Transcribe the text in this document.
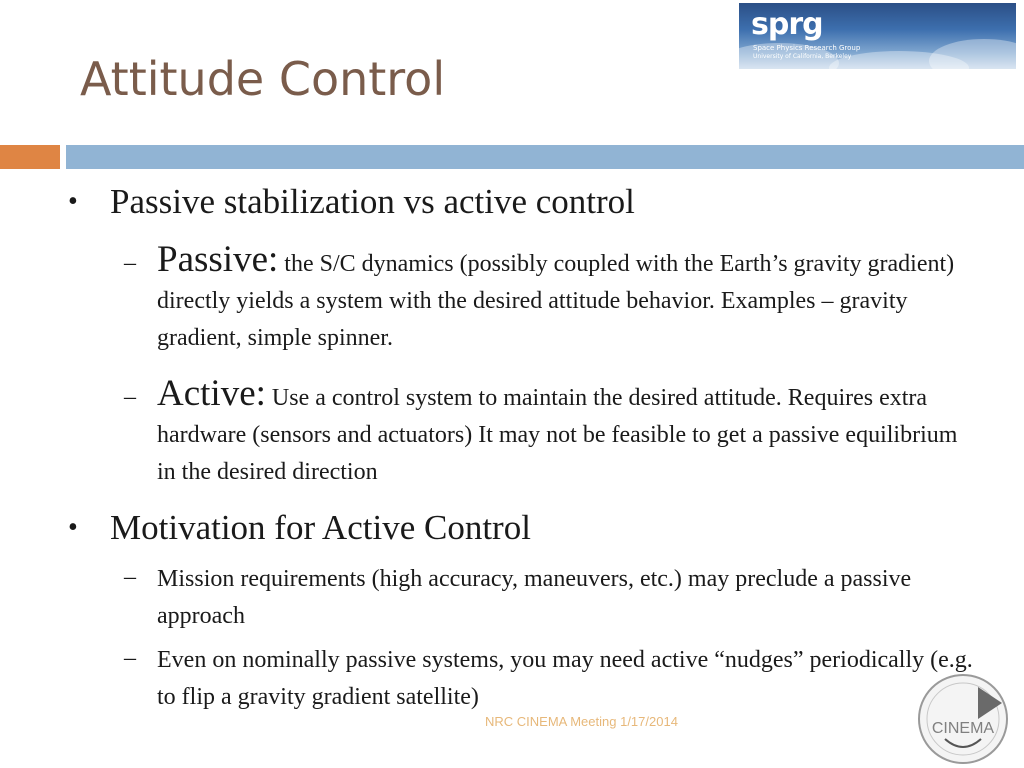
Attitude Control
sprg
Space Physics Research Group
University of California, Berkeley
• Passive stabilization vs active control
– Passive: the S/C dynamics (possibly coupled with the Earth’s gravity gradient) directly yields a system with the desired attitude behavior. Examples – gravity gradient, simple spinner.
– Active: Use a control system to maintain the desired attitude. Requires extra hardware (sensors and actuators) It may not be feasible to get a passive equilibrium in the desired direction
• Motivation for Active Control
– Mission requirements (high accuracy, maneuvers, etc.) may preclude a passive approach
– Even on nominally passive systems, you may need active “nudges” periodically (e.g. to flip a gravity gradient satellite)
NRC CINEMA Meeting 1/17/2014	CINEMA
